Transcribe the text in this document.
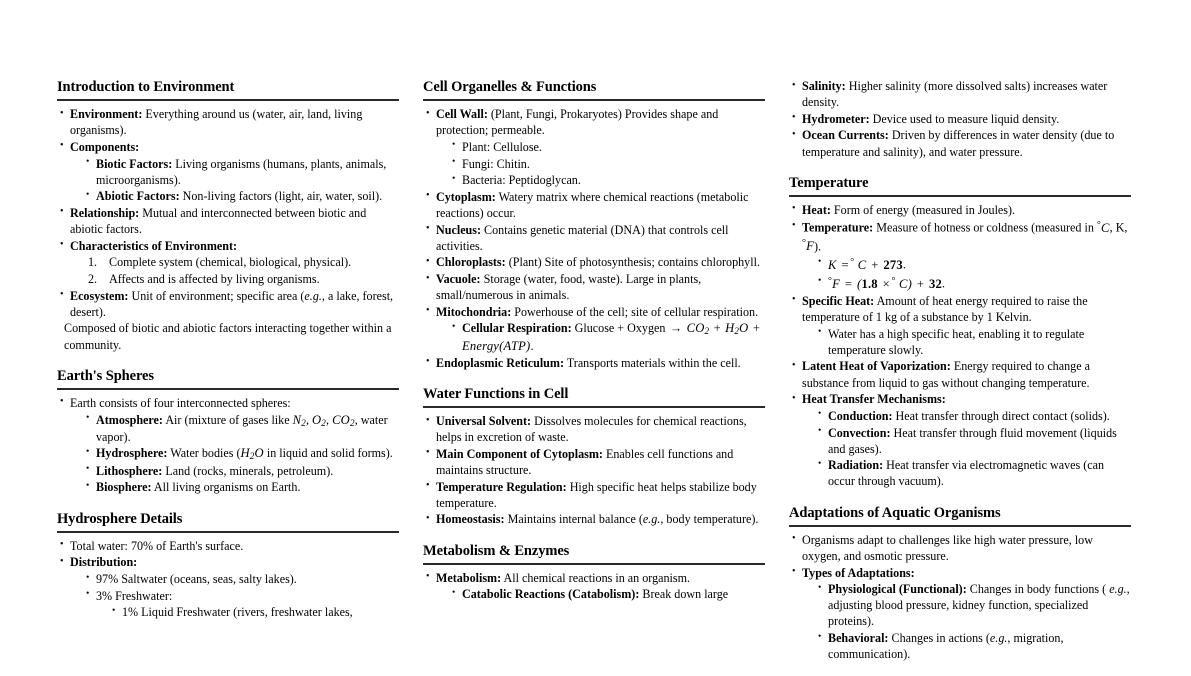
Introduction to Environment
• Environment: Everything around us (water, air, land, living organisms).
• Components:
• Biotic Factors: Living organisms (humans, plants, animals, microorganisms).
• Abiotic Factors: Non-living factors (light, air, water, soil).
• Relationship: Mutual and interconnected between biotic and abiotic factors.
• Characteristics of Environment:
1. Complete system (chemical, biological, physical).
2. Affects and is affected by living organisms.
• Ecosystem: Unit of environment; specific area (e.g., a lake, forest, desert).
Composed of biotic and abiotic factors interacting together within a community.
Earth's Spheres
• Earth consists of four interconnected spheres:
• Atmosphere: Air (mixture of gases like $N_2$, $O_2$, $CO_2$, water vapor).
• Hydrosphere: Water bodies ($H_2O$ in liquid and solid forms).
• Lithosphere: Land (rocks, minerals, petroleum).
• Biosphere: All living organisms on Earth.
Hydrosphere Details
• Total water: 70% of Earth's surface.
• Distribution:
• 97% Saltwater (oceans, seas, salty lakes).
• 3% Freshwater:
• 1% Liquid Freshwater (rivers, freshwater lakes,
Cell Organelles & Functions
• Cell Wall: (Plant, Fungi, Prokaryotes) Provides shape and protection; permeable.
• Plant: Cellulose.
• Fungi: Chitin.
• Bacteria: Peptidoglycan.
• Cytoplasm: Watery matrix where chemical reactions (metabolic reactions) occur.
• Nucleus: Contains genetic material (DNA) that controls cell activities.
• Chloroplasts: (Plant) Site of photosynthesis; contains chlorophyll.
• Vacuole: Storage (water, food, waste). Large in plants, small/numerous in animals.
• Mitochondria: Powerhouse of the cell; site of cellular respiration.
• Cellular Respiration: Glucose + Oxygen → $CO_2 + H_2O$ + Energy(ATP).
• Endoplasmic Reticulum: Transports materials within the cell.
Water Functions in Cell
• Universal Solvent: Dissolves molecules for chemical reactions, helps in excretion of waste.
• Main Component of Cytoplasm: Enables cell functions and maintains structure.
• Temperature Regulation: High specific heat helps stabilize body temperature.
• Homeostasis: Maintains internal balance (e.g., body temperature).
Metabolism & Enzymes
• Metabolism: All chemical reactions in an organism.
• Catabolic Reactions (Catabolism): Break down large
• Salinity: Higher salinity (more dissolved salts) increases water density.
• Hydrometer: Device used to measure liquid density.
• Ocean Currents: Driven by differences in water density (due to temperature and salinity), and water pressure.
Temperature
• Heat: Form of energy (measured in Joules).
• Temperature: Measure of hotness or coldness (measured in °C, K, °F).
• K = ° C + 273.
• °F = (1.8 × ° C) + 32.
• Specific Heat: Amount of heat energy required to raise the temperature of 1 kg of a substance by 1 Kelvin.
• Water has a high specific heat, enabling it to regulate temperature slowly.
• Latent Heat of Vaporization: Energy required to change a substance from liquid to gas without changing temperature.
• Heat Transfer Mechanisms:
• Conduction: Heat transfer through direct contact (solids).
• Convection: Heat transfer through fluid movement (liquids and gases).
• Radiation: Heat transfer via electromagnetic waves (can occur through vacuum).
Adaptations of Aquatic Organisms
• Organisms adapt to challenges like high water pressure, low oxygen, and osmotic pressure.
• Types of Adaptations:
• Physiological (Functional): Changes in body functions ( e.g., adjusting blood pressure, kidney function, specialized proteins).
• Behavioral: Changes in actions (e.g., migration, communication).
